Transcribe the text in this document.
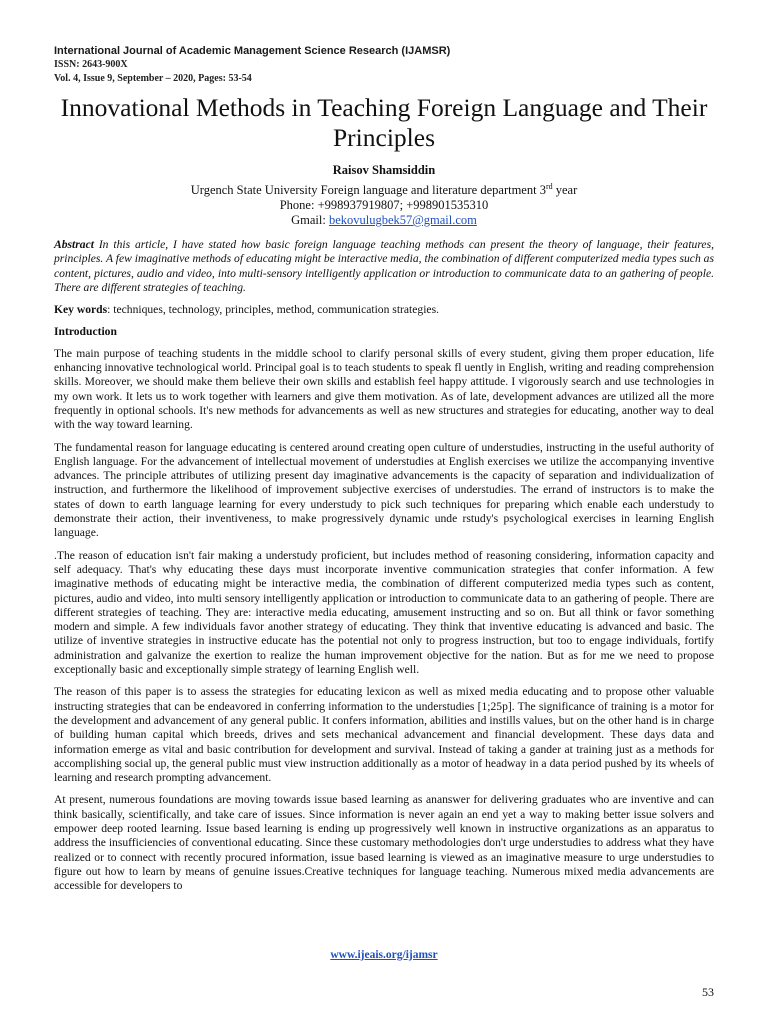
International Journal of Academic Management Science Research (IJAMSR)
ISSN: 2643-900X
Vol. 4, Issue 9, September – 2020, Pages: 53-54
Innovational Methods in Teaching Foreign Language and Their Principles
Raisov Shamsiddin
Urgench State University Foreign language and literature department 3rd year
Phone: +998937919807; +998901535310
Gmail: bekovulugbek57@gmail.com

Abstract In this article, I have stated how basic foreign language teaching methods can present the theory of language, their features, principles. A few imaginative methods of educating might be interactive media, the combination of different computerized media types such as content, pictures, audio and video, into multi-sensory intelligently application or introduction to communicate data to an gathering of people. There are different strategies of teaching.

Key words: techniques, technology, principles, method, communication strategies.

Introduction

The main purpose of teaching students in the middle school to clarify personal skills of every student, giving them proper education, life enhancing innovative technological world. Principal goal is to teach students to speak fl uently in English, writing and reading comprehension skills. Moreover, we should make them believe their own skills and establish feel happy attitude. I vigorously search and use technologies in my own work. It lets us to work together with learners and give them motivation. As of late, development advances are utilized all the more frequently in optional schools. It's new methods for advancements as well as new structures and strategies for educating, another way to deal with the way toward learning.

The fundamental reason for language educating is centered around creating open culture of understudies, instructing in the useful authority of English language. For the advancement of intellectual movement of understudies at English exercises we utilize the accompanying inventive advances. The principle attributes of utilizing present day imaginative advancements is the capacity of separation and individualization of instruction, and furthermore the likelihood of improvement subjective exercises of understudies. The errand of instructors is to make the states of down to earth language learning for every understudy to pick such techniques for preparing which enable each understudy to demonstrate their action, their inventiveness, to make progressively dynamic unde rstudy's psychological exercises in learning English language.

.The reason of education isn't fair making a understudy proficient, but includes method of reasoning considering, information capacity and self adequacy. That's why educating these days must incorporate inventive communication strategies that confer information. A few imaginative methods of educating might be interactive media, the combination of different computerized media types such as content, pictures, audio and video, into multi sensory intelligently application or introduction to communicate data to an gathering of people. There are different strategies of teaching. They are: interactive media educating, amusement instructing and so on. But all think or favor something modern and simple. A few individuals favor another strategy of educating. They think that inventive educating is advanced and basic. The utilize of inventive strategies in instructive educate has the potential not only to progress instruction, but too to engage individuals, fortify administration and galvanize the exertion to realize the human improvement objective for the nation. But as for me we need to propose exceptionally basic and exceptionally simple strategy of learning English well.

The reason of this paper is to assess the strategies for educating lexicon as well as mixed media educating and to propose other valuable instructing strategies that can be endeavored in conferring information to the understudies [1;25p]. The significance of training is a motor for the development and advancement of any general public. It confers information, abilities and instills values, but on the other hand is in charge of building human capital which breeds, drives and sets mechanical advancement and financial development. These days data and information emerge as vital and basic contribution for development and survival. Instead of taking a gander at training just as a methods for accomplishing social up, the general public must view instruction additionally as a motor of headway in a data period pushed by its wheels of learning and research prompting advancement.

At present, numerous foundations are moving towards issue based learning as ananswer for delivering graduates who are inventive and can think basically, scientifically, and take care of issues. Since information is never again an end yet a way to making better issue solvers and empower deep rooted learning. Issue based learning is ending up progressively well known in instructive organizations as an apparatus to address the insufficiencies of conventional educating. Since these customary methodologies don't urge understudies to address what they have realized or to connect with recently procured information, issue based learning is viewed as an imaginative measure to urge understudies to figure out how to learn by means of genuine issues.Creative techniques for language teaching. Numerous mixed media advancements are accessible for developers to

www.ijeais.org/ijamsr
53
